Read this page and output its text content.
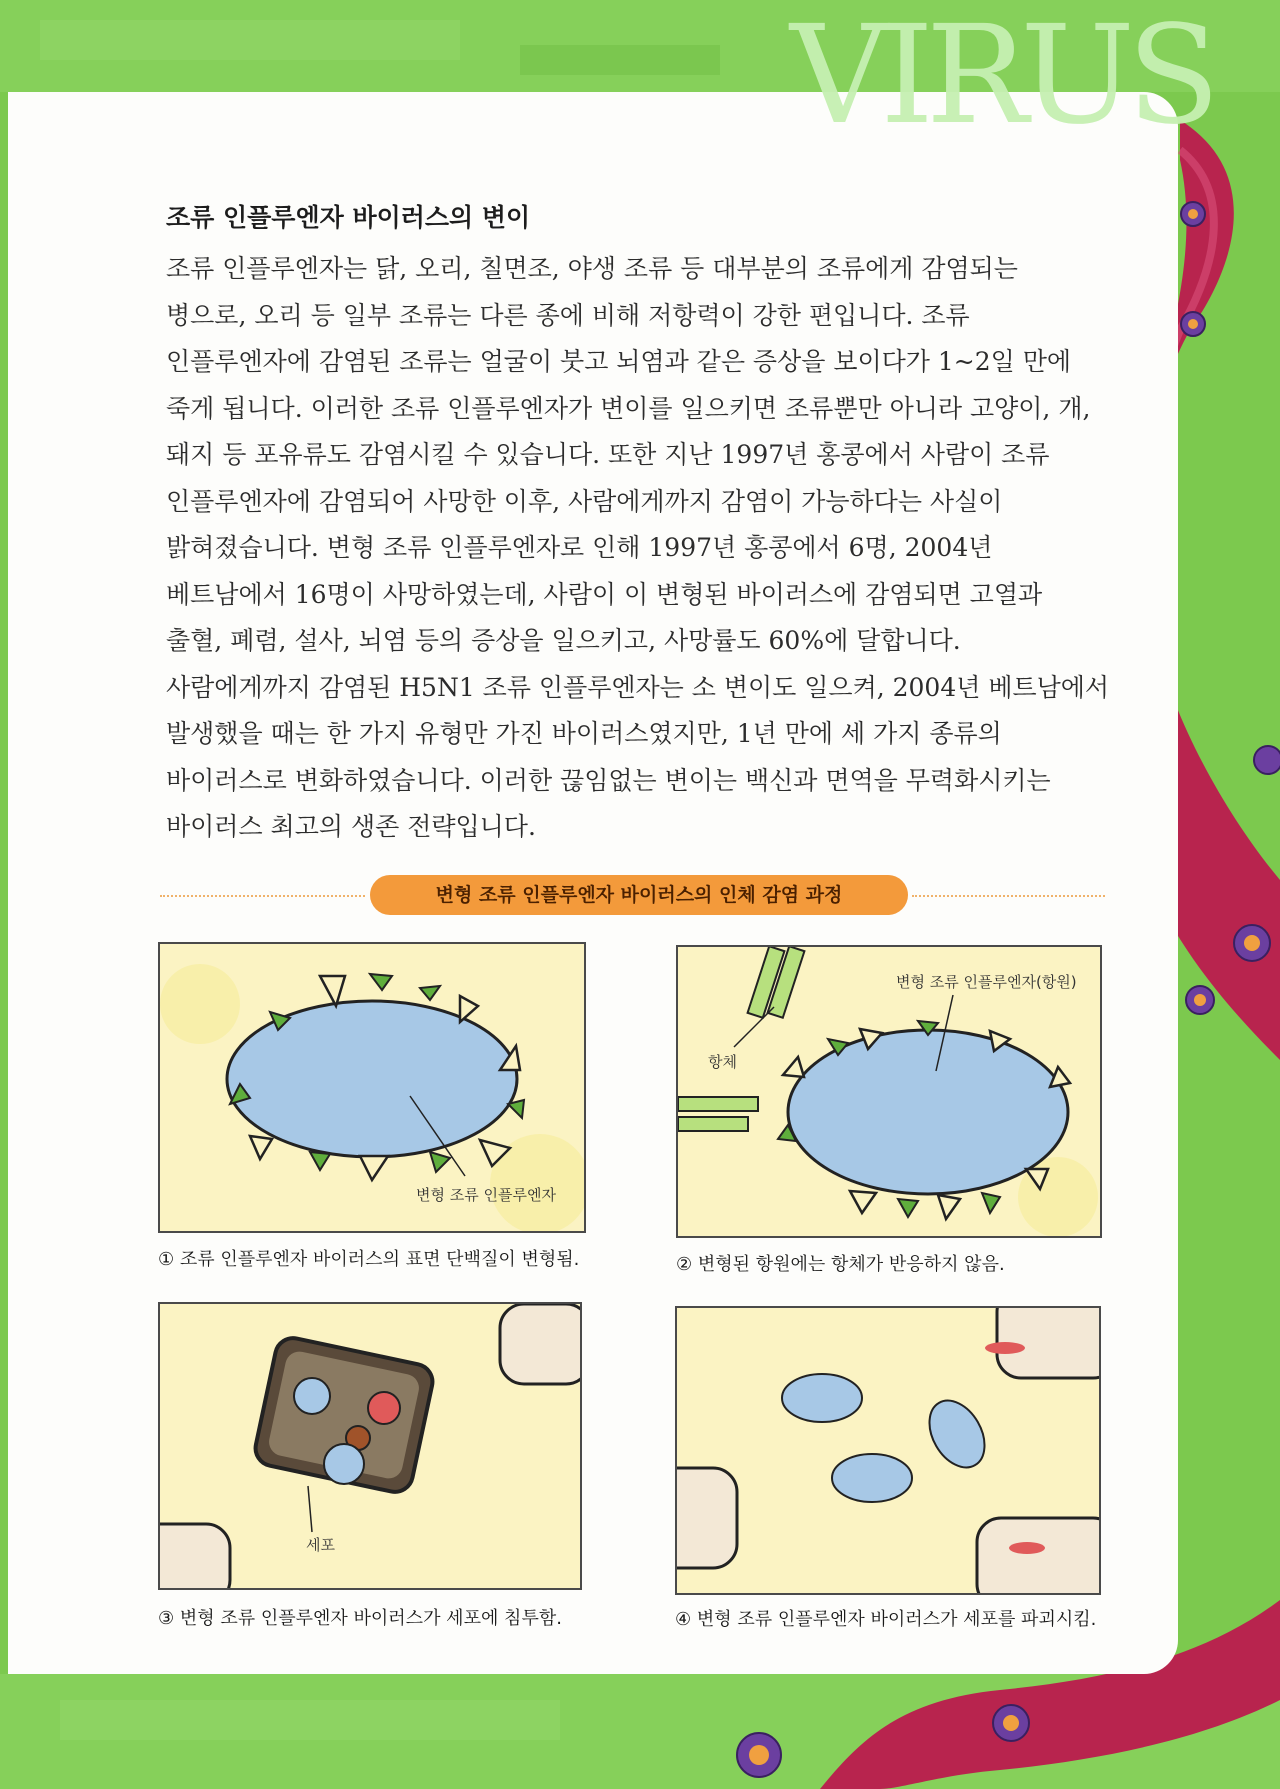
VIRUS
조류 인플루엔자 바이러스의 변이
조류 인플루엔자는 닭, 오리, 칠면조, 야생 조류 등 대부분의 조류에게 감염되는
병으로, 오리 등 일부 조류는 다른 종에 비해 저항력이 강한 편입니다. 조류
인플루엔자에 감염된 조류는 얼굴이 붓고 뇌염과 같은 증상을 보이다가 1~2일 만에
죽게 됩니다. 이러한 조류 인플루엔자가 변이를 일으키면 조류뿐만 아니라 고양이, 개,
돼지 등 포유류도 감염시킬 수 있습니다. 또한 지난 1997년 홍콩에서 사람이 조류
인플루엔자에 감염되어 사망한 이후, 사람에게까지 감염이 가능하다는 사실이
밝혀졌습니다. 변형 조류 인플루엔자로 인해 1997년 홍콩에서 6명, 2004년
베트남에서 16명이 사망하였는데, 사람이 이 변형된 바이러스에 감염되면 고열과
출혈, 폐렴, 설사, 뇌염 등의 증상을 일으키고, 사망률도 60%에 달합니다.
사람에게까지 감염된 H5N1 조류 인플루엔자는 소 변이도 일으켜, 2004년 베트남에서
발생했을 때는 한 가지 유형만 가진 바이러스였지만, 1년 만에 세 가지 종류의
바이러스로 변화하였습니다. 이러한 끊임없는 변이는 백신과 면역을 무력화시키는
바이러스 최고의 생존 전략입니다.
변형 조류 인플루엔자 바이러스의 인체 감염 과정
변형 조류 인플루엔자
① 조류 인플루엔자 바이러스의 표면 단백질이 변형됨.
항체
변형 조류 인플루엔자(항원)
② 변형된 항원에는 항체가 반응하지 않음.
세포
③ 변형 조류 인플루엔자 바이러스가 세포에 침투함.	④ 변형 조류 인플루엔자 바이러스가 세포를 파괴시킴.
